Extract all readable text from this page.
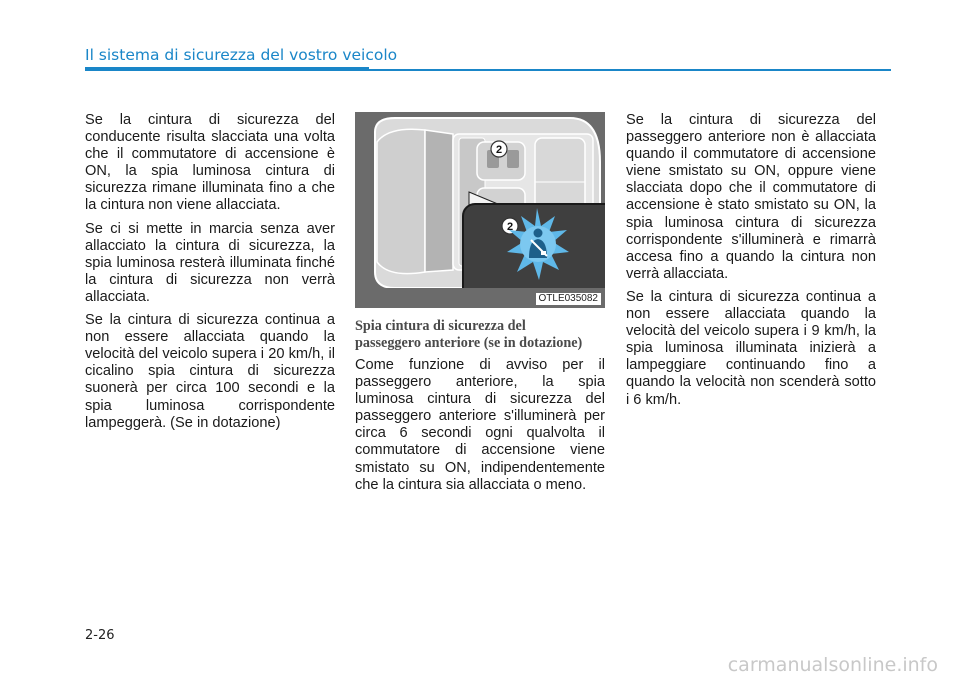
Il sistema di sicurezza del vostro veicolo

Se la cintura di sicurezza del conducente risulta slacciata una volta che il commutatore di accensione è ON, la spia luminosa cintura di sicurezza rimane illuminata fino a che la cintura non viene allacciata.

Se ci si mette in marcia senza aver allacciato la cintura di sicurezza, la spia luminosa resterà illuminata finché la cintura di sicurezza non verrà allacciata.

Se la cintura di sicurezza continua a non essere allacciata quando la velocità del veicolo supera i 20 km/h, il cicalino spia cintura di sicurezza suonerà per circa 100 secondi e la spia luminosa corrispondente lampeggerà. (Se in dotazione)

2
2
OTLE035082
Spia cintura di sicurezza del
passeggero anteriore (se in dotazione)

Come funzione di avviso per il passeggero anteriore, la spia luminosa cintura di sicurezza del passeggero anteriore s'illuminerà per circa 6 secondi ogni qualvolta il commutatore di accensione viene smistato su ON, indipendentemente che la cintura sia allacciata o meno.

Se la cintura di sicurezza del passeggero anteriore non è allacciata quando il commutatore di accensione viene smistato su ON, oppure viene slacciata dopo che il commutatore di accensione è stato smistato su ON, la spia luminosa cintura di sicurezza corrispondente s'illuminerà e rimarrà accesa fino a quando la cintura non verrà allacciata.

Se la cintura di sicurezza continua a non essere allacciata quando la velocità del veicolo supera i 9 km/h, la spia luminosa illuminata inizierà a lampeggiare continuando fino a quando la velocità non scenderà sotto i 6 km/h.

2-26
carmanualsonline.info
